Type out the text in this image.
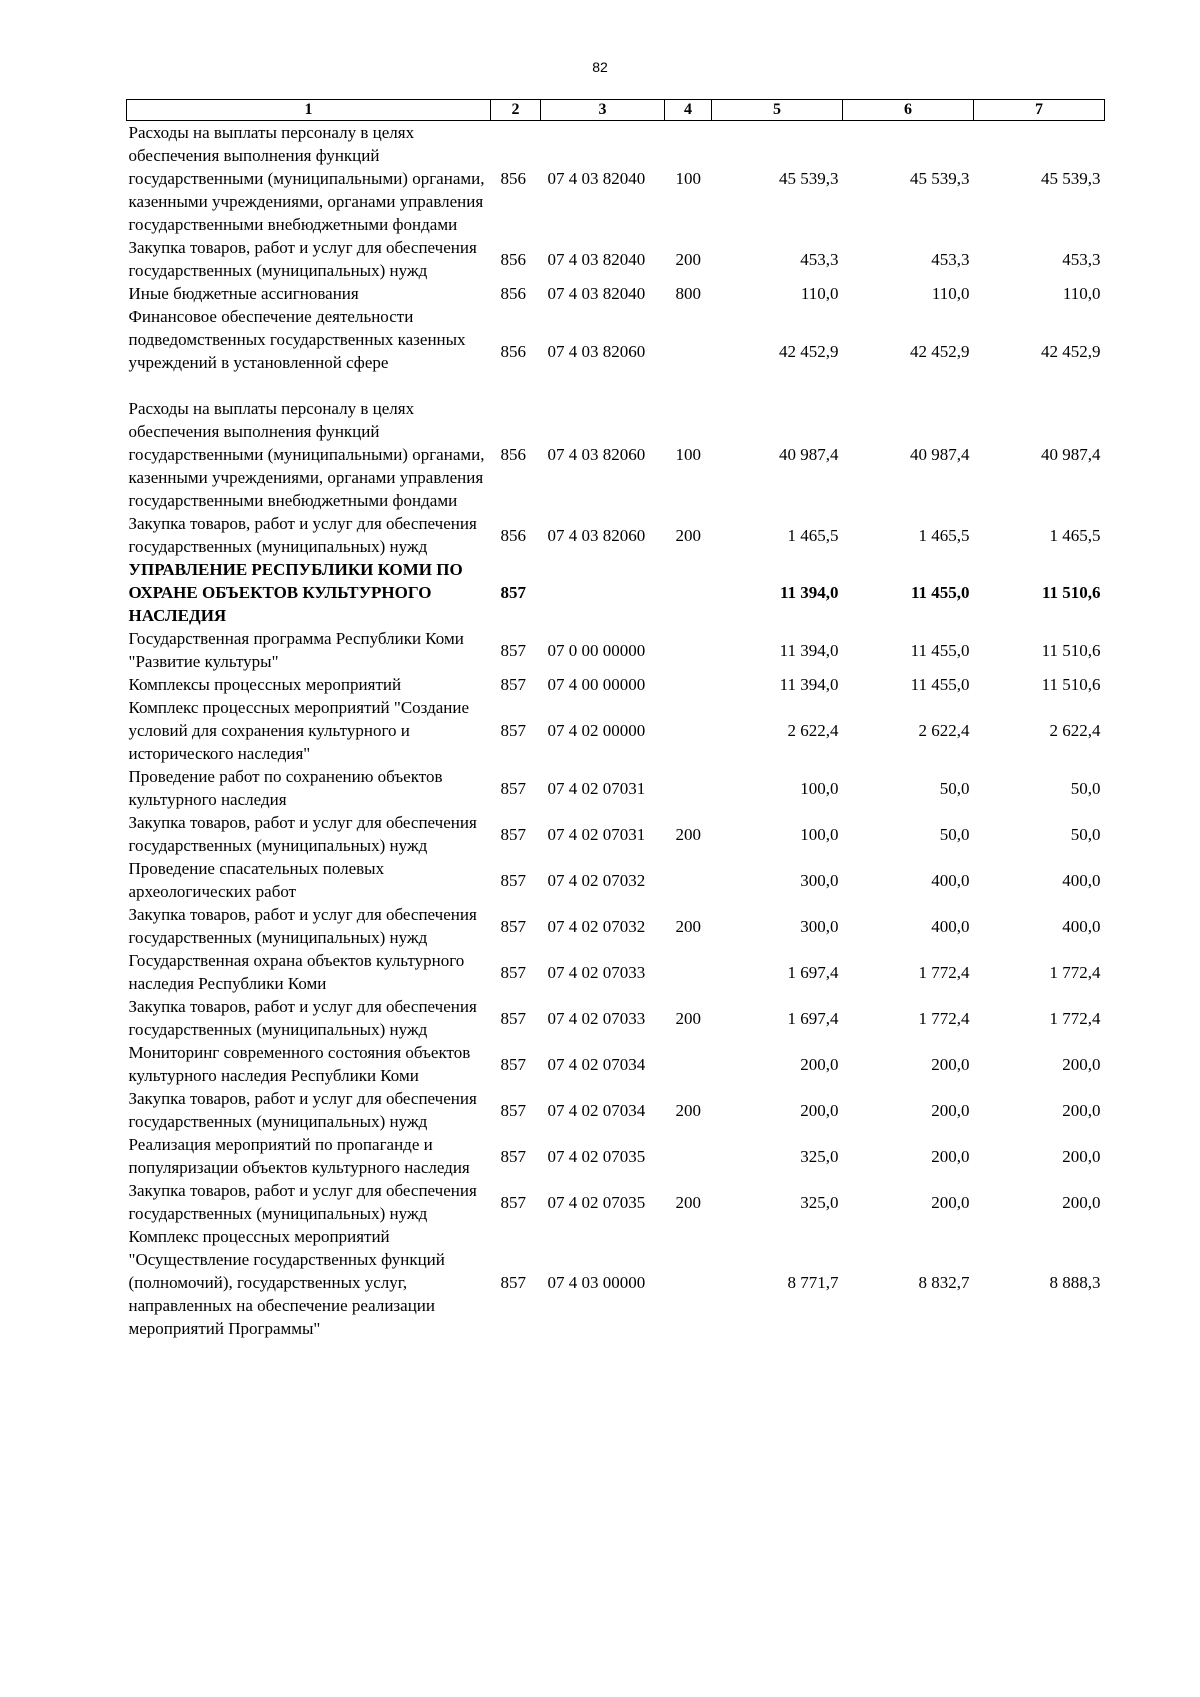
82
1	2	3	4	5	6	7
Расходы на выплаты персоналу в целях обеспечения выполнения функций государственными (муниципальными) органами, казенными учреждениями, органами управления государственными внебюджетными фондами	856	07 4 03 82040	100	45 539,3	45 539,3	45 539,3
Закупка товаров, работ и услуг для обеспечения государственных (муниципальных) нужд	856	07 4 03 82040	200	453,3	453,3	453,3
Иные бюджетные ассигнования	856	07 4 03 82040	800	110,0	110,0	110,0
Финансовое обеспечение деятельности подведомственных государственных казенных учреждений в установленной сфере	856	07 4 03 82060		42 452,9	42 452,9	42 452,9
Расходы на выплаты персоналу в целях обеспечения выполнения функций государственными (муниципальными) органами, казенными учреждениями, органами управления государственными внебюджетными фондами	856	07 4 03 82060	100	40 987,4	40 987,4	40 987,4
Закупка товаров, работ и услуг для обеспечения государственных (муниципальных) нужд	856	07 4 03 82060	200	1 465,5	1 465,5	1 465,5
УПРАВЛЕНИЕ РЕСПУБЛИКИ КОМИ ПО ОХРАНЕ ОБЪЕКТОВ КУЛЬТУРНОГО НАСЛЕДИЯ	857			11 394,0	11 455,0	11 510,6
Государственная программа Республики Коми "Развитие культуры"	857	07 0 00 00000		11 394,0	11 455,0	11 510,6
Комплексы процессных мероприятий	857	07 4 00 00000		11 394,0	11 455,0	11 510,6
Комплекс процессных мероприятий "Создание условий для сохранения культурного и исторического наследия"	857	07 4 02 00000		2 622,4	2 622,4	2 622,4
Проведение работ по сохранению объектов культурного наследия	857	07 4 02 07031		100,0	50,0	50,0
Закупка товаров, работ и услуг для обеспечения государственных (муниципальных) нужд	857	07 4 02 07031	200	100,0	50,0	50,0
Проведение спасательных полевых археологических работ	857	07 4 02 07032		300,0	400,0	400,0
Закупка товаров, работ и услуг для обеспечения государственных (муниципальных) нужд	857	07 4 02 07032	200	300,0	400,0	400,0
Государственная охрана объектов культурного наследия Республики Коми	857	07 4 02 07033		1 697,4	1 772,4	1 772,4
Закупка товаров, работ и услуг для обеспечения государственных (муниципальных) нужд	857	07 4 02 07033	200	1 697,4	1 772,4	1 772,4
Мониторинг современного состояния объектов культурного наследия Республики Коми	857	07 4 02 07034		200,0	200,0	200,0
Закупка товаров, работ и услуг для обеспечения государственных (муниципальных) нужд	857	07 4 02 07034	200	200,0	200,0	200,0
Реализация мероприятий по пропаганде и популяризации объектов культурного наследия	857	07 4 02 07035		325,0	200,0	200,0
Закупка товаров, работ и услуг для обеспечения государственных (муниципальных) нужд	857	07 4 02 07035	200	325,0	200,0	200,0
Комплекс процессных мероприятий "Осуществление государственных функций (полномочий), государственных услуг, направленных на обеспечение реализации мероприятий Программы"	857	07 4 03 00000		8 771,7	8 832,7	8 888,3
